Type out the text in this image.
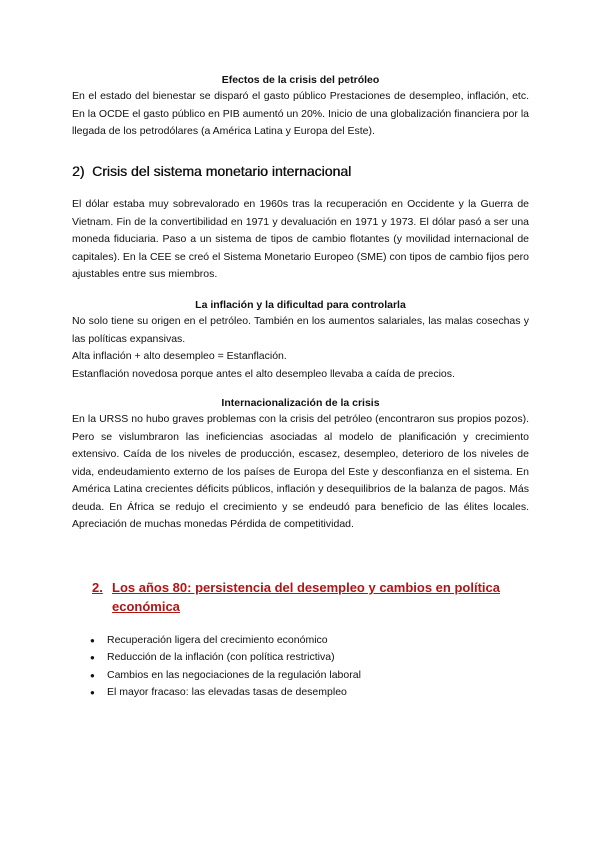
Efectos de la crisis del petróleo

En el estado del bienestar se disparó el gasto público Prestaciones de desempleo, inflación, etc. En la OCDE el gasto público en PIB aumentó un 20%. Inicio de una globalización financiera por la llegada de los petrodólares (a América Latina y Europa del Este).

2) Crisis del sistema monetario internacional

El dólar estaba muy sobrevalorado en 1960s tras la recuperación en Occidente y la Guerra de Vietnam. Fin de la convertibilidad en 1971 y devaluación en 1971 y 1973. El dólar pasó a ser una moneda fiduciaria. Paso a un sistema de tipos de cambio flotantes (y movilidad internacional de capitales). En la CEE se creó el Sistema Monetario Europeo (SME) con tipos de cambio fijos pero ajustables entre sus miembros.

La inflación y la dificultad para controlarla

No solo tiene su origen en el petróleo. También en los aumentos salariales, las malas cosechas y las políticas expansivas.

Alta inflación + alto desempleo = Estanflación.

Estanflación novedosa porque antes el alto desempleo llevaba a caída de precios.

Internacionalización de la crisis

En la URSS no hubo graves problemas con la crisis del petróleo (encontraron sus propios pozos). Pero se vislumbraron las ineficiencias asociadas al modelo de planificación y crecimiento extensivo. Caída de los niveles de producción, escasez, desempleo, deterioro de los niveles de vida, endeudamiento externo de los países de Europa del Este y desconfianza en el sistema. En América Latina crecientes déficits públicos, inflación y desequilibrios de la balanza de pagos. Más deuda. En África se redujo el crecimiento y se endeudó para beneficio de las élites locales. Apreciación de muchas monedas Pérdida de competitividad.

2. Los años 80: persistencia del desempleo y cambios en política económica
●	Recuperación ligera del crecimiento económico
●	Reducción de la inflación (con política restrictiva)
●	Cambios en las negociaciones de la regulación laboral
●	El mayor fracaso: las elevadas tasas de desempleo
